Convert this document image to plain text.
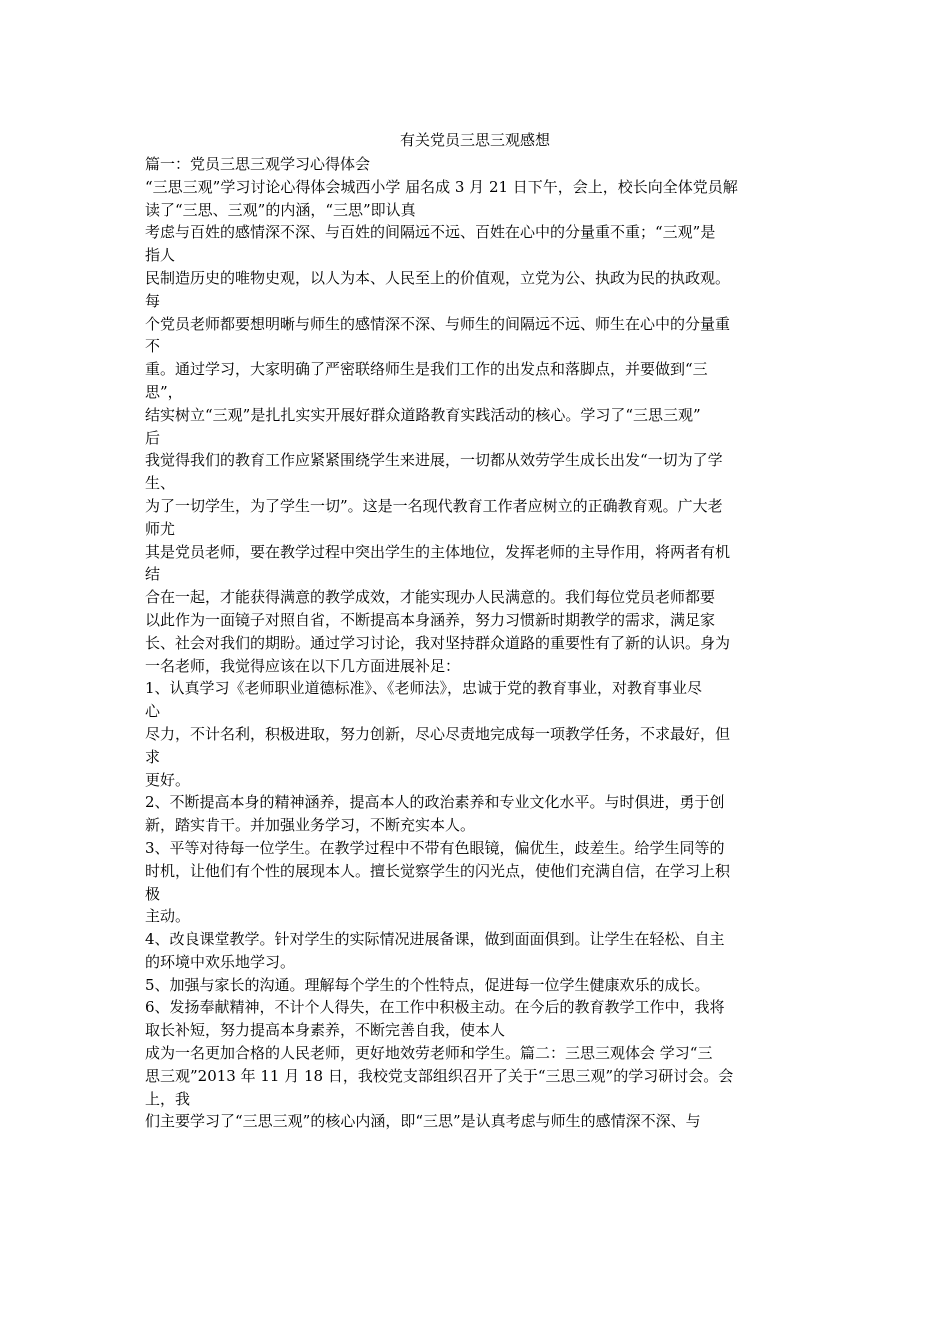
有关党员三思三观感想
篇一：党员三思三观学习心得体会
“三思三观”学习讨论心得体会城西小学 届名成 3 月 21 日下午，会上，校长向全体党员解
读了“三思、三观”的内涵，“三思”即认真
考虑与百姓的感情深不深、与百姓的间隔远不远、百姓在心中的分量重不重；“三观”是
指人
民制造历史的唯物史观，以人为本、人民至上的价值观，立党为公、执政为民的执政观。
每
个党员老师都要想明晰与师生的感情深不深、与师生的间隔远不远、师生在心中的分量重
不
重。通过学习，大家明确了严密联络师生是我们工作的出发点和落脚点，并要做到“三
思”，
结实树立“三观”是扎扎实实开展好群众道路教育实践活动的核心。学习了“三思三观”
后
我觉得我们的教育工作应紧紧围绕学生来进展，一切都从效劳学生成长出发“一切为了学
生、
为了一切学生，为了学生一切”。这是一名现代教育工作者应树立的正确教育观。广大老
师尤
其是党员老师，要在教学过程中突出学生的主体地位，发挥老师的主导作用，将两者有机
结
合在一起，才能获得满意的教学成效，才能实现办人民满意的。我们每位党员老师都要
以此作为一面镜子对照自省，不断提高本身涵养，努力习惯新时期教学的需求，满足家
长、社会对我们的期盼。通过学习讨论，我对坚持群众道路的重要性有了新的认识。身为
一名老师，我觉得应该在以下几方面进展补足：
1、认真学习《老师职业道德标准》、《老师法》，忠诚于党的教育事业，对教育事业尽
心
尽力，不计名利，积极进取，努力创新，尽心尽责地完成每一项教学任务，不求最好，但
求
更好。
2、不断提高本身的精神涵养，提高本人的政治素养和专业文化水平。与时俱进，勇于创
新，踏实肯干。并加强业务学习，不断充实本人。
3、平等对待每一位学生。在教学过程中不带有色眼镜，偏优生，歧差生。给学生同等的
时机，让他们有个性的展现本人。擅长觉察学生的闪光点，使他们充满自信，在学习上积
极
主动。
4、改良课堂教学。针对学生的实际情况进展备课，做到面面俱到。让学生在轻松、自主
的环境中欢乐地学习。
5、加强与家长的沟通。理解每个学生的个性特点，促进每一位学生健康欢乐的成长。
6、发扬奉献精神，不计个人得失，在工作中积极主动。在今后的教育教学工作中，我将
取长补短，努力提高本身素养，不断完善自我，使本人
成为一名更加合格的人民老师，更好地效劳老师和学生。篇二：三思三观体会 学习“三
思三观”2013 年 11 月 18 日，我校党支部组织召开了关于“三思三观”的学习研讨会。会
上，我
们主要学习了“三思三观”的核心内涵，即“三思”是认真考虑与师生的感情深不深、与
